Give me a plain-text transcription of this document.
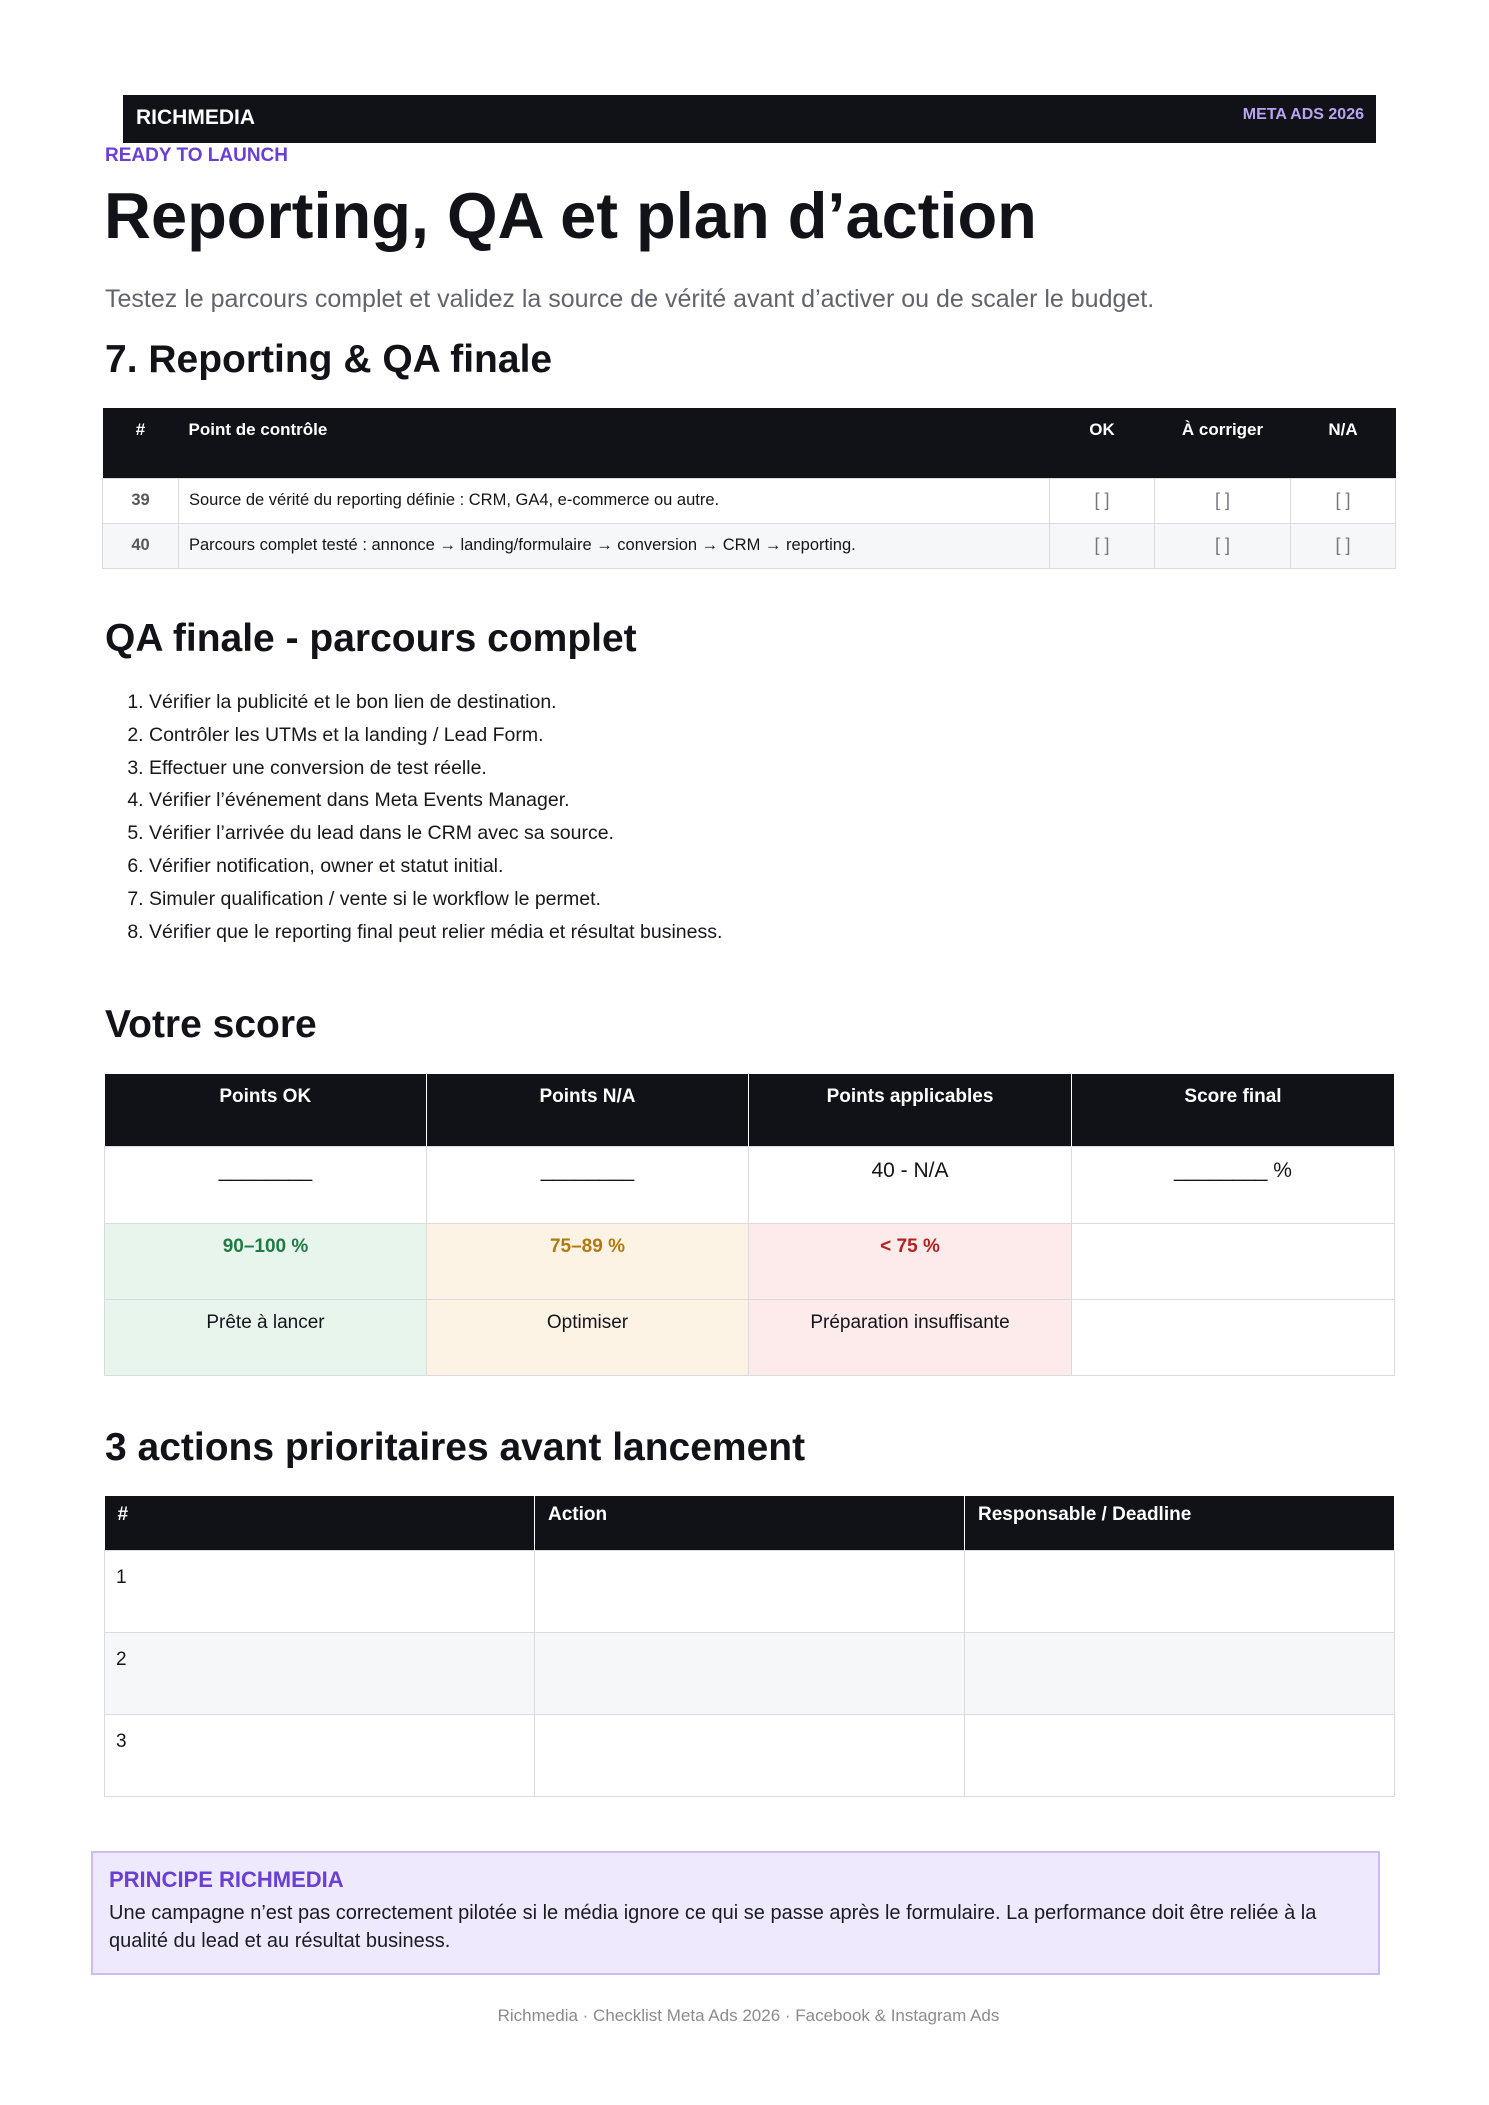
RICHMEDIA	META ADS 2026
READY TO LAUNCH
Reporting, QA et plan d’action

Testez le parcours complet et validez la source de vérité avant d’activer ou de scaler le budget.

7. Reporting & QA finale
#	Point de contrôle	OK	À corriger	N/A
39	Source de vérité du reporting définie : CRM, GA4, e-commerce ou autre.	[ ]	[ ]	[ ]
40	Parcours complet testé : annonce → landing/formulaire → conversion → CRM → reporting.	[ ]	[ ]	[ ]
QA finale - parcours complet
1. Vérifier la publicité et le bon lien de destination.
2. Contrôler les UTMs et la landing / Lead Form.
3. Effectuer une conversion de test réelle.
4. Vérifier l’événement dans Meta Events Manager.
5. Vérifier l’arrivée du lead dans le CRM avec sa source.
6. Vérifier notification, owner et statut initial.
7. Simuler qualification / vente si le workflow le permet.
8. Vérifier que le reporting final peut relier média et résultat business.
Votre score
Points OK	Points N/A	Points applicables	Score final
________	________	40 - N/A	________ %
90–100 %	75–89 %	< 75 %	
Prête à lancer	Optimiser	Préparation insuffisante	
3 actions prioritaires avant lancement
#	Action	Responsable / Deadline
1		
2		
3		
PRINCIPE RICHMEDIA
Une campagne n’est pas correctement pilotée si le média ignore ce qui se passe après le formulaire. La performance doit être reliée à la qualité du lead et au résultat business.
Richmedia · Checklist Meta Ads 2026 · Facebook & Instagram Ads
